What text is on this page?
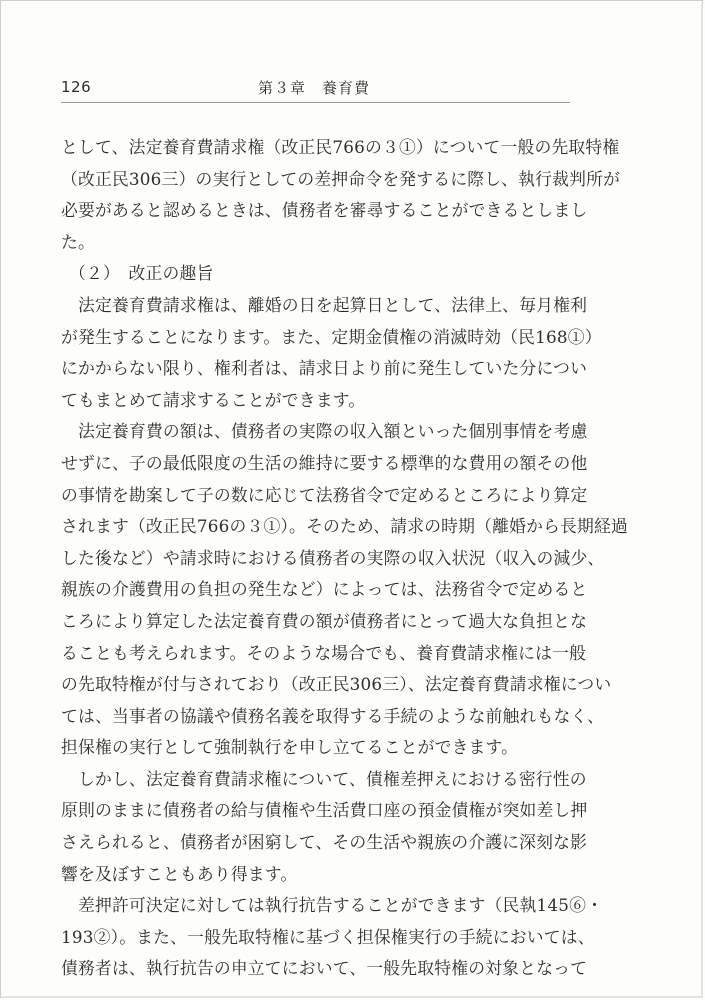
126	第３章　養育費
として、法定養育費請求権（改正民766の３①）について一般の先取特権
（改正民306三）の実行としての差押命令を発するに際し、執行裁判所が
必要があると認めるときは、債務者を審尋することができるとしまし
た。
（２）　改正の趣旨
　法定養育費請求権は、離婚の日を起算日として、法律上、毎月権利
が発生することになります。また、定期金債権の消滅時効（民168①）
にかからない限り、権利者は、請求日より前に発生していた分につい
てもまとめて請求することができます。
　法定養育費の額は、債務者の実際の収入額といった個別事情を考慮
せずに、子の最低限度の生活の維持に要する標準的な費用の額その他
の事情を勘案して子の数に応じて法務省令で定めるところにより算定
されます（改正民766の３①）。そのため、請求の時期（離婚から長期経過
した後など）や請求時における債務者の実際の収入状況（収入の減少、
親族の介護費用の負担の発生など）によっては、法務省令で定めると
ころにより算定した法定養育費の額が債務者にとって過大な負担とな
ることも考えられます。そのような場合でも、養育費請求権には一般
の先取特権が付与されており（改正民306三）、法定養育費請求権につい
ては、当事者の協議や債務名義を取得する手続のような前触れもなく、
担保権の実行として強制執行を申し立てることができます。
　しかし、法定養育費請求権について、債権差押えにおける密行性の
原則のままに債務者の給与債権や生活費口座の預金債権が突如差し押
さえられると、債務者が困窮して、その生活や親族の介護に深刻な影
響を及ぼすこともあり得ます。
　差押許可決定に対しては執行抗告することができます（民執145⑥・
193②）。また、一般先取特権に基づく担保権実行の手続においては、
債務者は、執行抗告の申立てにおいて、一般先取特権の対象となって
